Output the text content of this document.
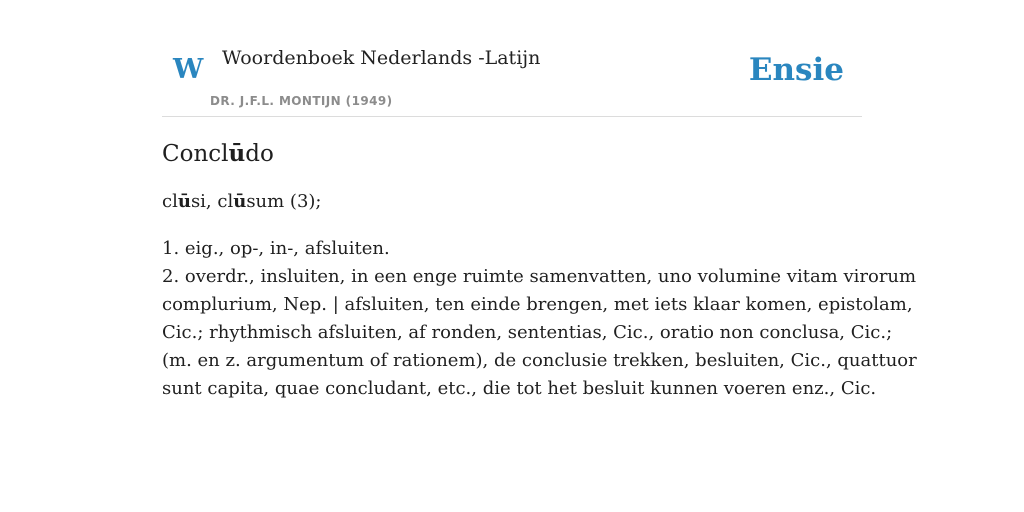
W Woordenboek Nederlands -Latijn
DR. J.F.L. MONTIJN (1949)
Ensie
Conclūdo
clūsi, clūsum (3);
1. eig., op-, in-, afsluiten.
2. overdr., insluiten, in een enge ruimte samenvatten, uno volumine vitam virorum
complurium, Nep. | afsluiten, ten einde brengen, met iets klaar komen, epistolam,
Cic.; rhythmisch afsluiten, af ronden, sententias, Cic., oratio non conclusa, Cic.;
(m. en z. argumentum of rationem), de conclusie trekken, besluiten, Cic., quattuor
sunt capita, quae concludant, etc., die tot het besluit kunnen voeren enz., Cic.
